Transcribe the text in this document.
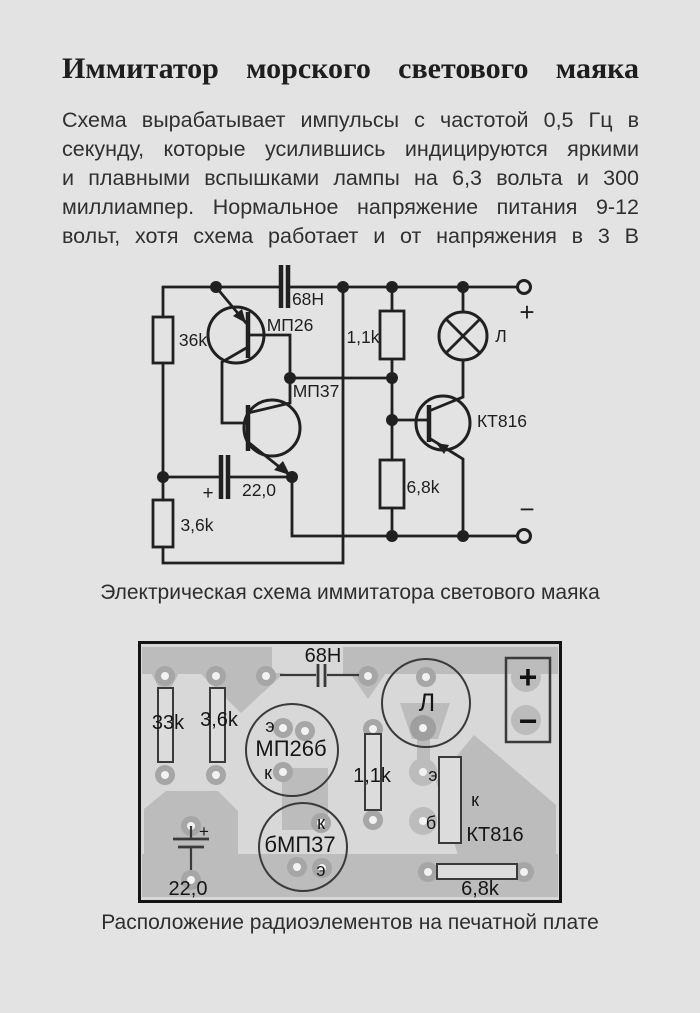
Иммитатор морского светового маяка
Схема вырабатывает импульсы с частотой 0,5 Гц в
секунду, которые усилившись индицируются яркими
и плавными вспышками лампы на 6,3 вольта и 300
миллиампер. Нормальное напряжение питания 9-12
вольт, хотя схема работает и от напряжения в 3 В
36k
3,6k
1,1k
6,8k
68Н
+ 22,0
МП26
МП37
КТ816
Л
+
−
Электрическая схема иммитатора светового маяка
68Н
33k 3,6k э
МП26б
к	1,1k
Л
к
бМП37
э
э
б
к
КТ816
6,8k
22,0
+
+
−
Расположение радиоэлементов на печатной плате
